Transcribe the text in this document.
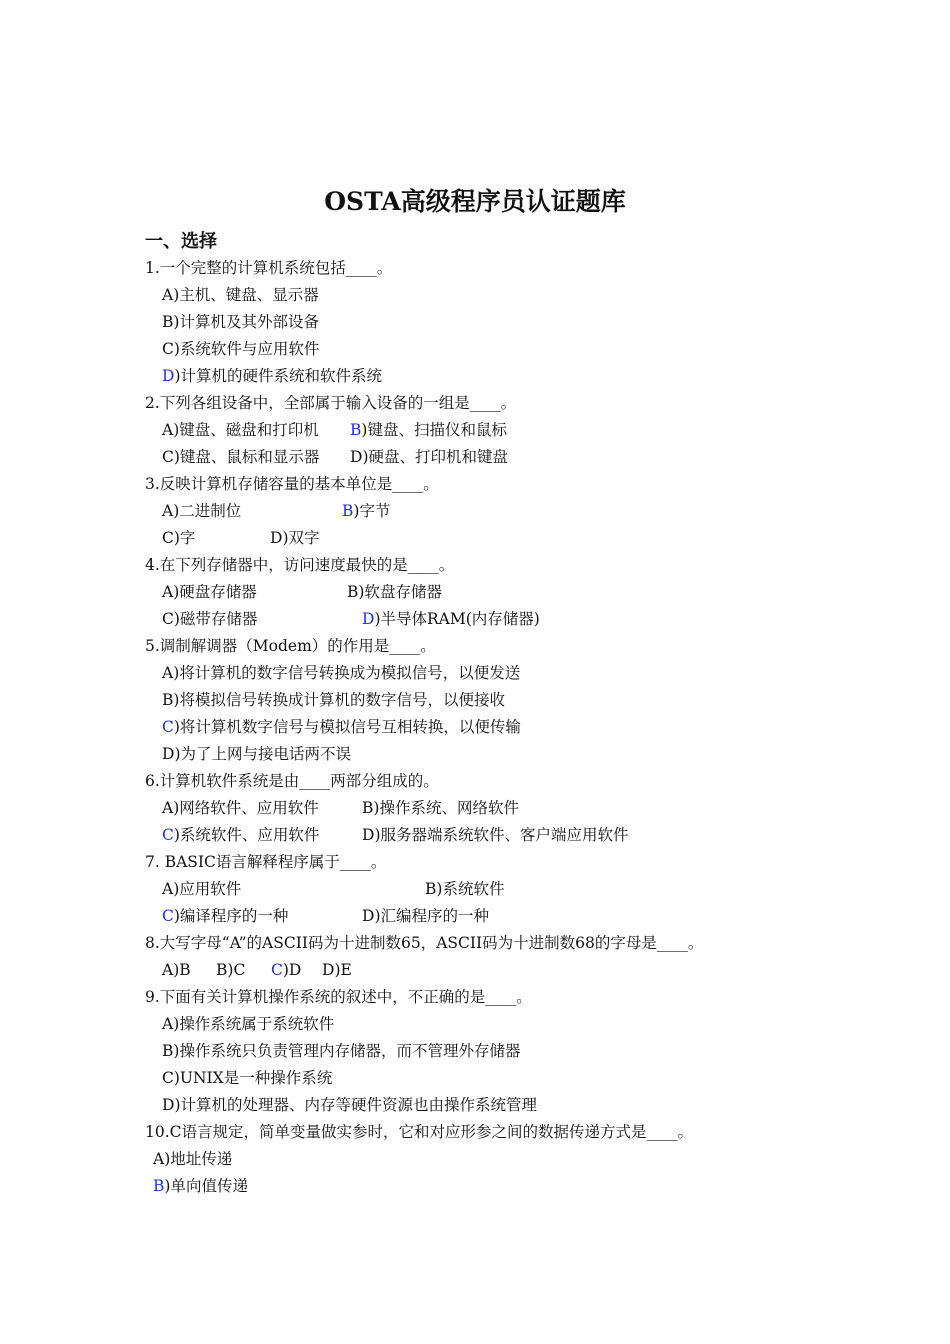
OSTA高级程序员认证题库
一、选择
1.一个完整的计算机系统包括____。
A)主机、键盘、显示器
B)计算机及其外部设备
C)系统软件与应用软件
D)计算机的硬件系统和软件系统
2.下列各组设备中，全部属于输入设备的一组是____。
A)键盘、磁盘和打印机 B)键盘、扫描仪和鼠标
C)键盘、鼠标和显示器 D)硬盘、打印机和键盘
3.反映计算机存储容量的基本单位是____。
A)二进制位	B)字节
C)字	D)双字
4.在下列存储器中，访问速度最快的是____。
A)硬盘存储器	B)软盘存储器
C)磁带存储器	D)半导体RAM(内存储器)
5.调制解调器（Modem）的作用是____。
A)将计算机的数字信号转换成为模拟信号，以便发送
B)将模拟信号转换成计算机的数字信号，以便接收
C)将计算机数字信号与模拟信号互相转换，以便传输
D)为了上网与接电话两不误
6.计算机软件系统是由____两部分组成的。
A)网络软件、应用软件	B)操作系统、网络软件
C)系统软件、应用软件	D)服务器端系统软件、客户端应用软件
7. BASIC语言解释程序属于____。
A)应用软件	B)系统软件
C)编译程序的一种	D)汇编程序的一种
8.大写字母“A”的ASCII码为十进制数65，ASCII码为十进制数68的字母是____。
A)B B)C C)D D)E
9.下面有关计算机操作系统的叙述中，不正确的是____。
A)操作系统属于系统软件
B)操作系统只负责管理内存储器，而不管理外存储器
C)UNIX是一种操作系统
D)计算机的处理器、内存等硬件资源也由操作系统管理
10.C语言规定，简单变量做实参时，它和对应形参之间的数据传递方式是____。
A)地址传递
B)单向值传递
